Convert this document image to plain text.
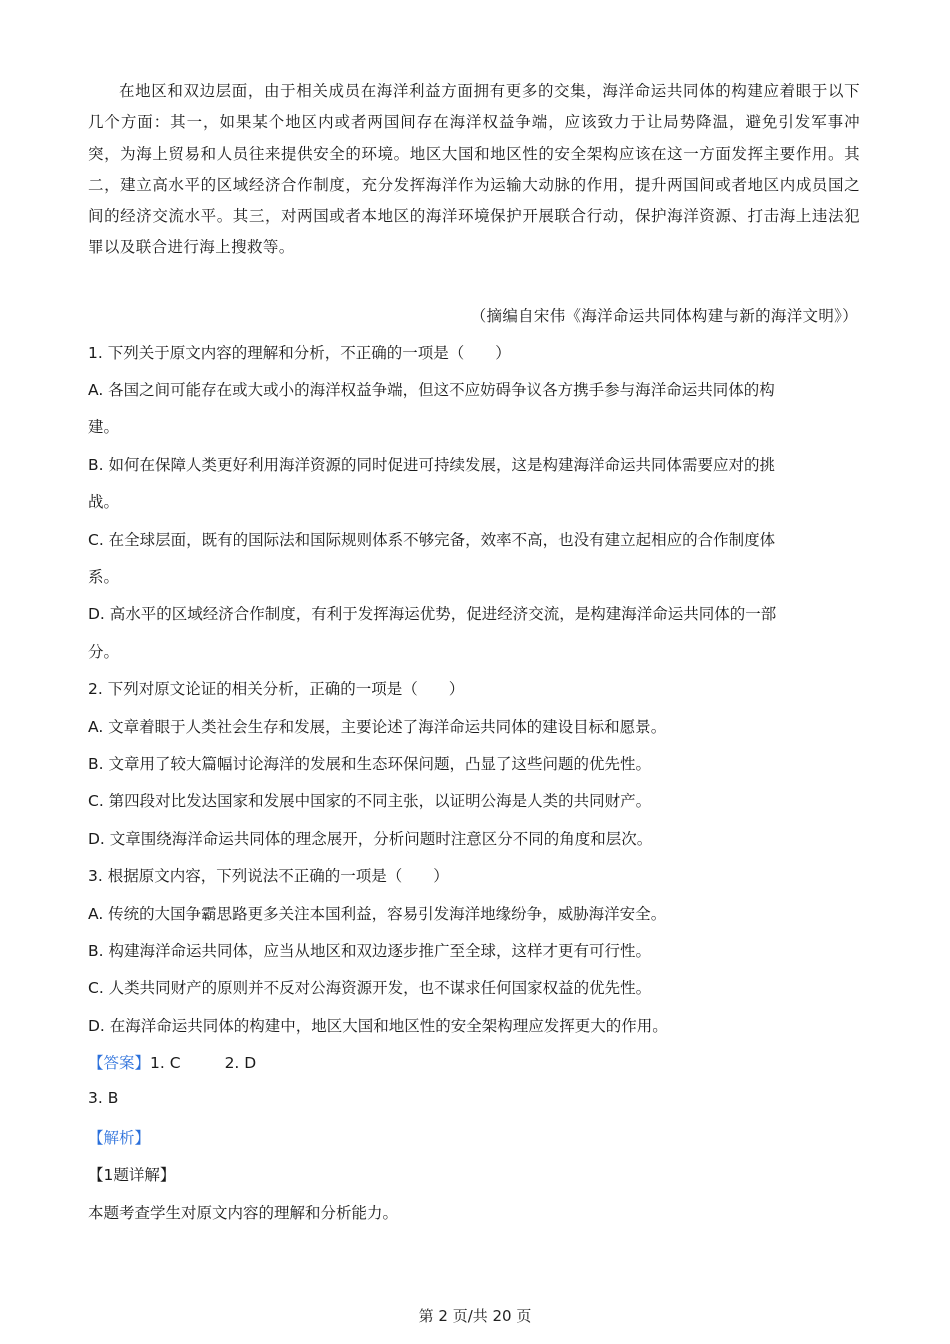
在地区和双边层面，由于相关成员在海洋利益方面拥有更多的交集，海洋命运共同体的构建应着眼于以下几个方面：其一，如果某个地区内或者两国间存在海洋权益争端，应该致力于让局势降温，避免引发军事冲突，为海上贸易和人员往来提供安全的环境。地区大国和地区性的安全架构应该在这一方面发挥主要作用。其二，建立高水平的区域经济合作制度，充分发挥海洋作为运输大动脉的作用，提升两国间或者地区内成员国之间的经济交流水平。其三，对两国或者本地区的海洋环境保护开展联合行动，保护海洋资源、打击海上违法犯罪以及联合进行海上搜救等。
（摘编自宋伟《海洋命运共同体构建与新的海洋文明》）
1. 下列关于原文内容的理解和分析，不正确的一项是（　　）
A. 各国之间可能存在或大或小的海洋权益争端，但这不应妨碍争议各方携手参与海洋命运共同体的构
建。
B. 如何在保障人类更好利用海洋资源的同时促进可持续发展，这是构建海洋命运共同体需要应对的挑
战。
C. 在全球层面，既有的国际法和国际规则体系不够完备，效率不高，也没有建立起相应的合作制度体
系。
D. 高水平的区域经济合作制度，有利于发挥海运优势，促进经济交流，是构建海洋命运共同体的一部
分。
2. 下列对原文论证的相关分析，正确的一项是（　　）
A. 文章着眼于人类社会生存和发展，主要论述了海洋命运共同体的建设目标和愿景。
B. 文章用了较大篇幅讨论海洋的发展和生态环保问题，凸显了这些问题的优先性。
C. 第四段对比发达国家和发展中国家的不同主张，以证明公海是人类的共同财产。
D. 文章围绕海洋命运共同体的理念展开，分析问题时注意区分不同的角度和层次。
3. 根据原文内容，下列说法不正确的一项是（　　）
A. 传统的大国争霸思路更多关注本国利益，容易引发海洋地缘纷争，威胁海洋安全。
B. 构建海洋命运共同体，应当从地区和双边逐步推广至全球，这样才更有可行性。
C. 人类共同财产的原则并不反对公海资源开发，也不谋求任何国家权益的优先性。
D. 在海洋命运共同体的构建中，地区大国和地区性的安全架构理应发挥更大的作用。
【答案】1. C	2. D
3. B
【解析】
【1题详解】
本题考查学生对原文内容的理解和分析能力。
第 2 页/共 20 页
